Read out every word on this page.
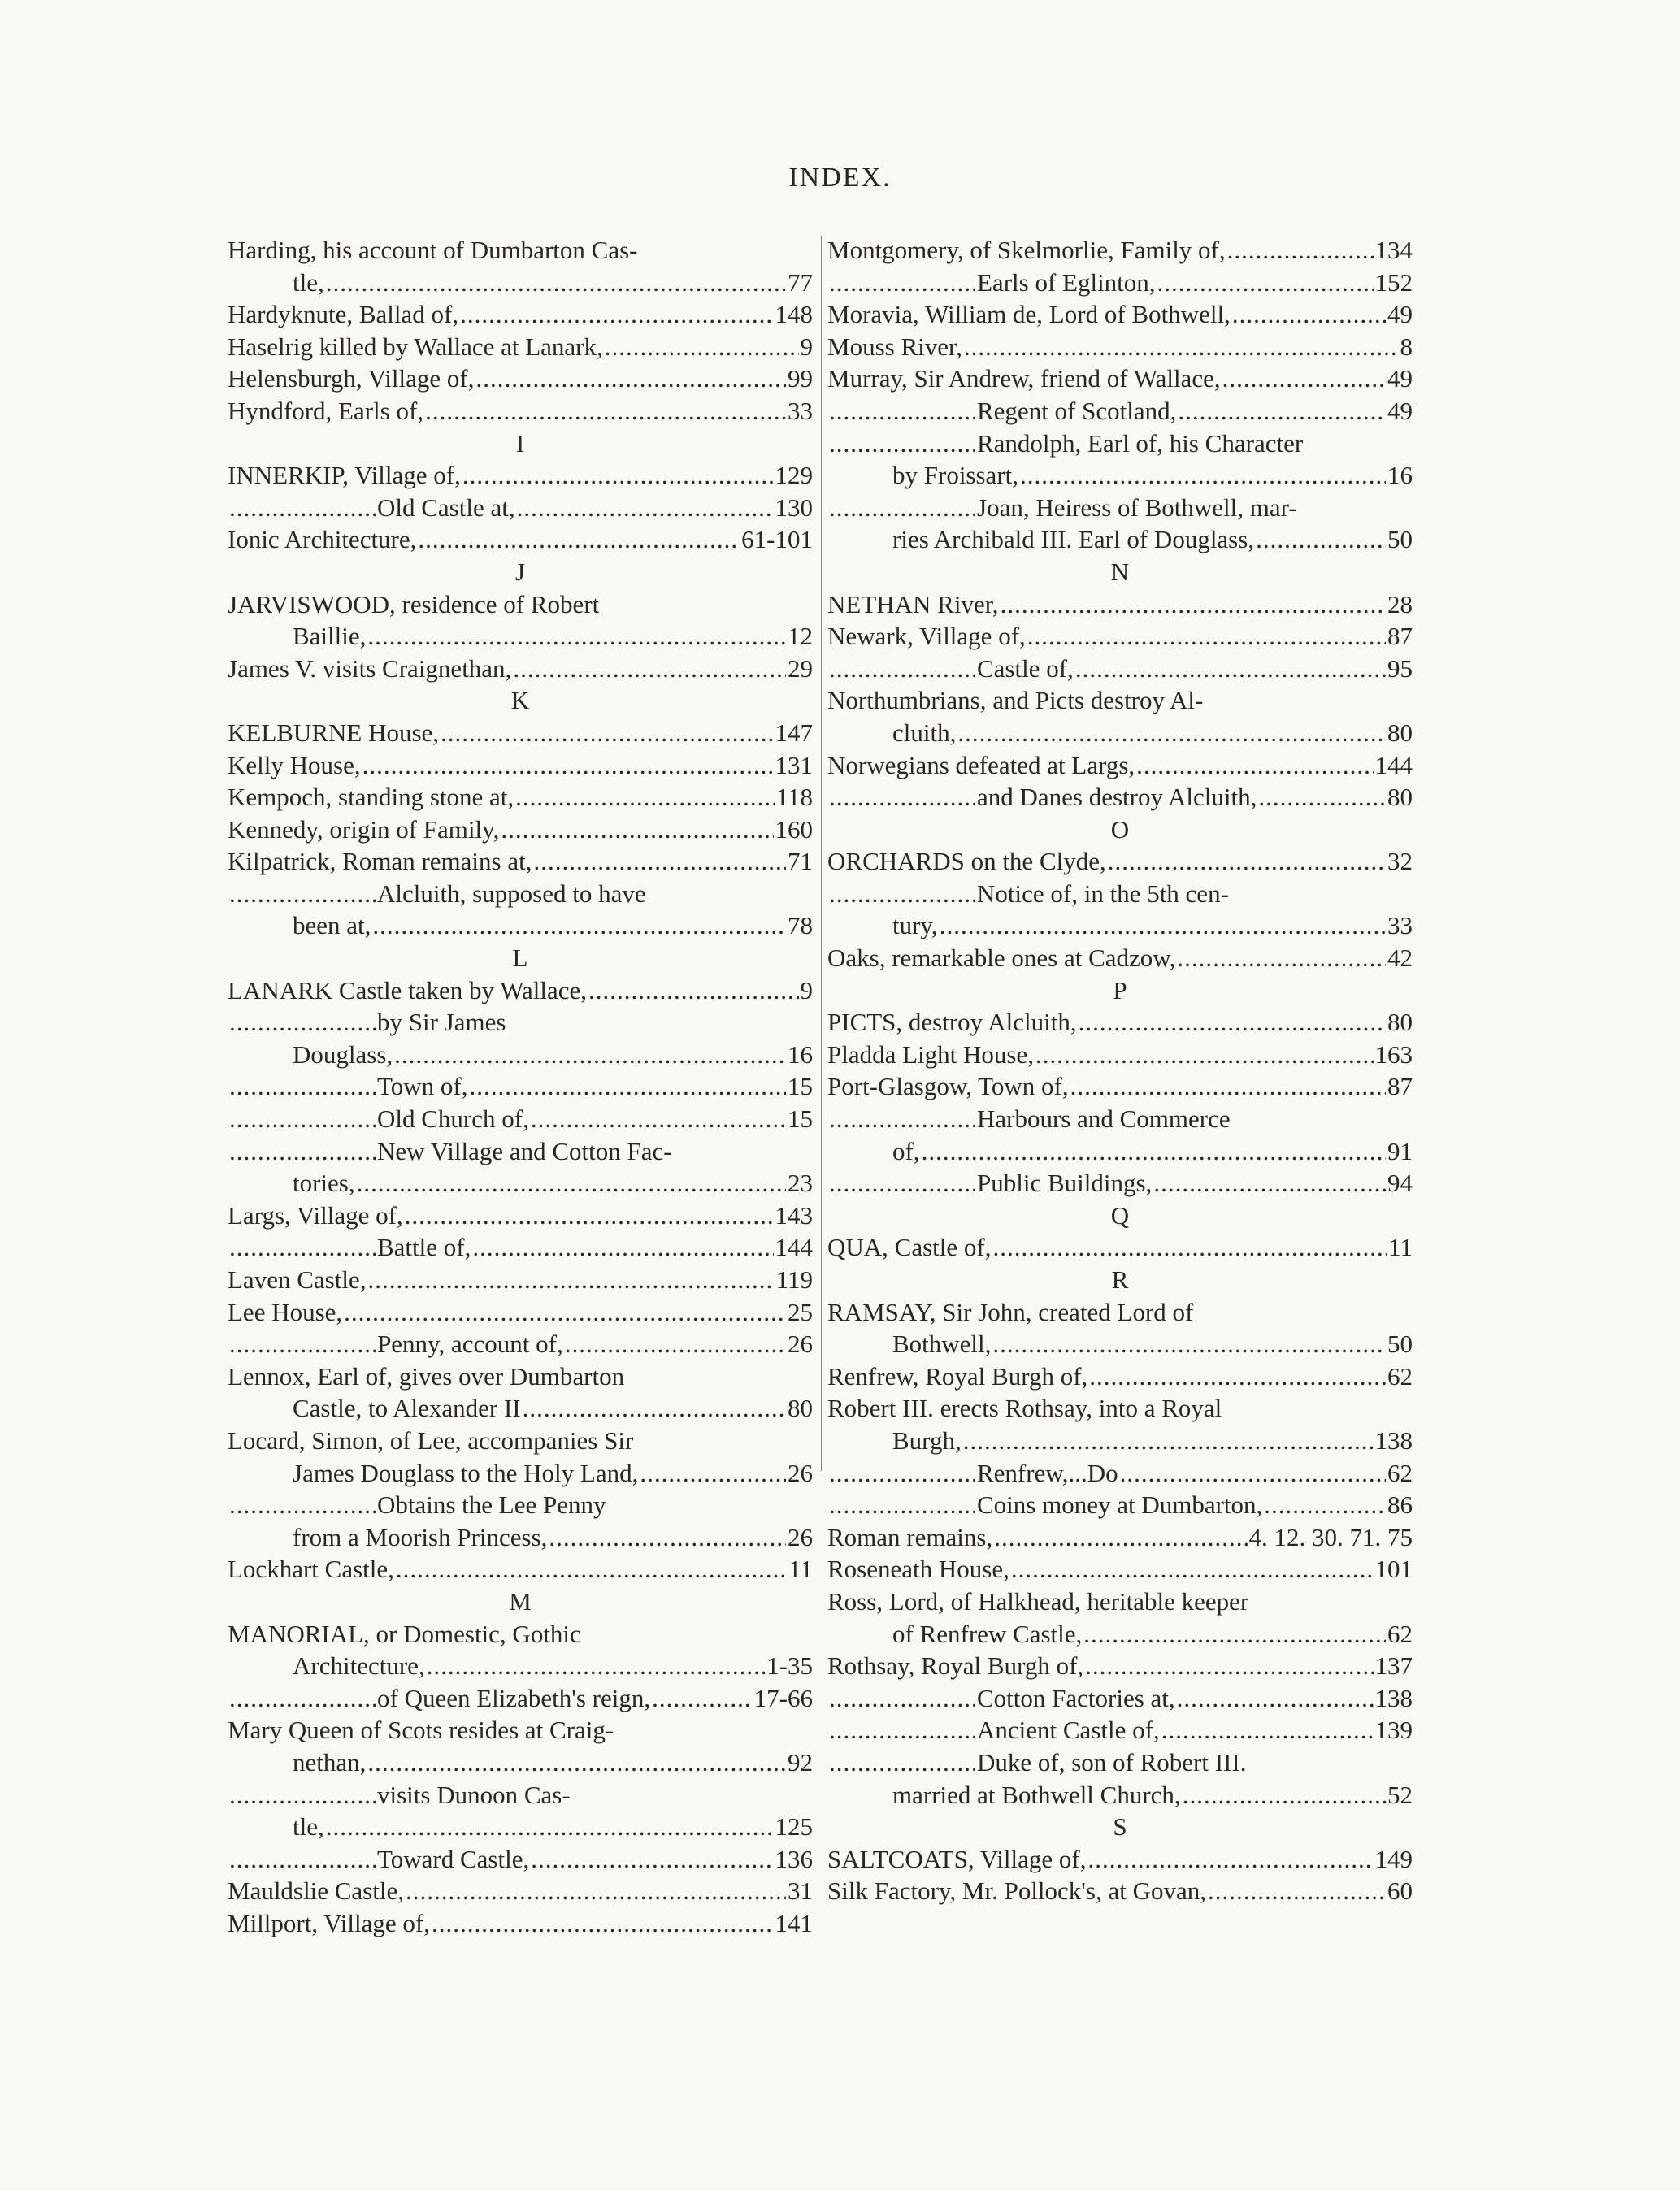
INDEX.
Harding, his account of Dumbarton Cas-
tle, .....	77
Hardyknute, Ballad of, .....	148
Haselrig killed by Wallace at Lanark, .....	9
Helensburgh, Village of, .....	99
Hyndford, Earls of, .....	33
I
INNERKIP, Village of, .....	129
.....
Old Castle at, .....	130
Ionic Architecture, .....	61-101
J
JARVISWOOD, residence of Robert
Baillie, .....	12
James V. visits Craignethan, .....	29
K
KELBURNE House, .....	147
Kelly House, .....	131
Kempoch, standing stone at, .....	118
Kennedy, origin of Family, .....	160
Kilpatrick, Roman remains at, .....	71
.....
Alcluith, supposed to have
been at, .....	78
L
LANARK Castle taken by Wallace, .....	9
.....
by Sir James
Douglass, .....	16
.....
Town of, .....	15
.....
Old Church of, .....	15
.....
New Village and Cotton Fac-
tories, .....	23
Largs, Village of, .....	143
.....
Battle of, .....	144
Laven Castle, .....	119
Lee House, .....	25
.....
Penny, account of, .....	26
Lennox, Earl of, gives over Dumbarton
Castle, to Alexander II .....	80
Locard, Simon, of Lee, accompanies Sir
James Douglass to the Holy Land, .....	26
.....
Obtains the Lee Penny
from a Moorish Princess, .....	26
Lockhart Castle, .....	11
M
MANORIAL, or Domestic, Gothic
Architecture, .....	1-35
.....
of Queen Elizabeth's reign, .....	17-66
Mary Queen of Scots resides at Craig-
nethan, .....	92
.....
visits Dunoon Cas-
tle, .....	125
.....
Toward Castle, .....	136
Mauldslie Castle, .....	31
Millport, Village of, .....	141
Montgomery, of Skelmorlie, Family of, .....	134
.....
Earls of Eglinton, .....	152
Moravia, William de, Lord of Bothwell, .....	49
Mouss River, .....	8
Murray, Sir Andrew, friend of Wallace, .....	49
.....
Regent of Scotland, .....	49
.....
Randolph, Earl of, his Character
by Froissart, .....	16
.....
Joan, Heiress of Bothwell, mar-
ries Archibald III. Earl of Douglass, .....	50
N
NETHAN River, .....	28
Newark, Village of, .....	87
.....
Castle of, .....	95
Northumbrians, and Picts destroy Al-
cluith, .....	80
Norwegians defeated at Largs, .....	144
.....
and Danes destroy Alcluith, .....	80
O
ORCHARDS on the Clyde, .....	32
.....
Notice of, in the 5th cen-
tury, .....	33
Oaks, remarkable ones at Cadzow, .....	42
P
PICTS, destroy Alcluith, .....	80
Pladda Light House, .....	163
Port-Glasgow, Town of, .....	87
.....
Harbours and Commerce
of, .....	91
.....
Public Buildings, .....	94
Q
QUA, Castle of, .....	11
R
RAMSAY, Sir John, created Lord of
Bothwell, .....	50
Renfrew, Royal Burgh of, .....	62
Robert III. erects Rothsay, into a Royal
Burgh, .....	138
.....
Renfrew,...Do .....	62
.....
Coins money at Dumbarton, .....	86
Roman remains, .....	4. 12. 30. 71. 75
Roseneath House, .....	101
Ross, Lord, of Halkhead, heritable keeper
of Renfrew Castle, .....	62
Rothsay, Royal Burgh of, .....	137
.....
Cotton Factories at, .....	138
.....
Ancient Castle of, .....	139
.....
Duke of, son of Robert III.
married at Bothwell Church, .....	52
S
SALTCOATS, Village of, .....	149
Silk Factory, Mr. Pollock's, at Govan, .....	60
